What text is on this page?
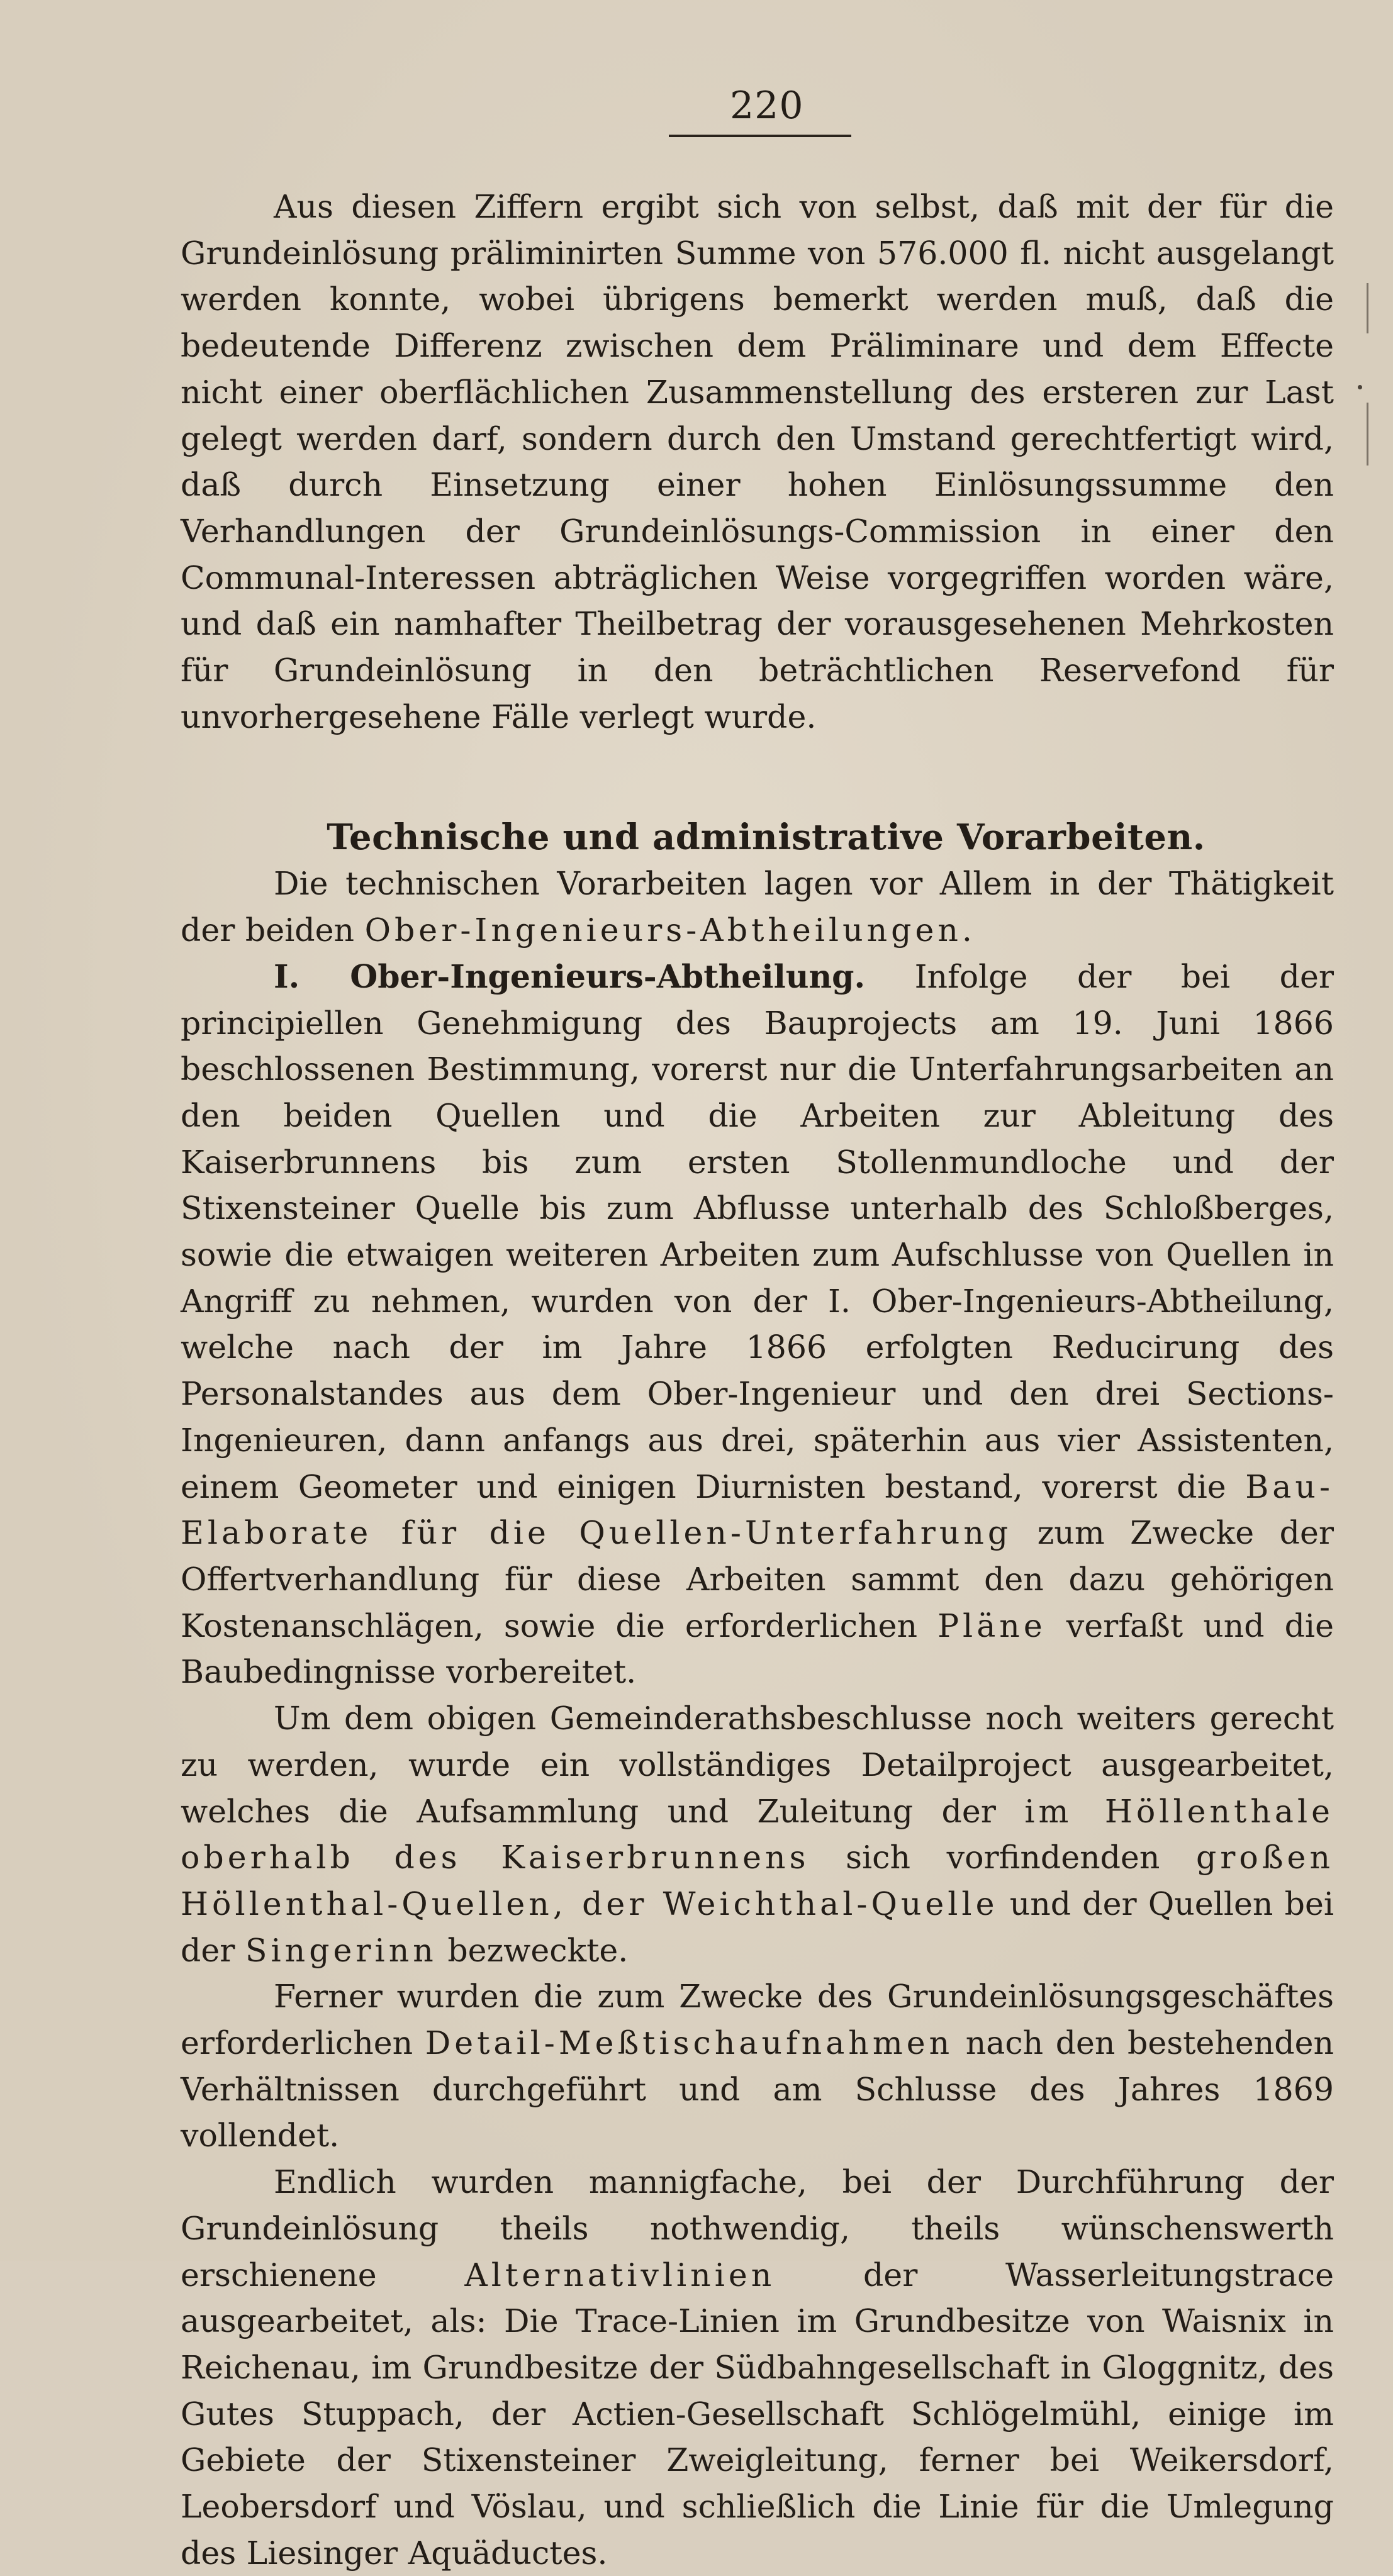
220

Aus diesen Ziffern ergibt sich von selbst, daß mit der für die Grundeinlösung präliminirten Summe von 576.000 fl. nicht ausgelangt werden konnte, wobei übrigens bemerkt werden muß, daß die bedeutende Differenz zwischen dem Präliminare und dem Effecte nicht einer oberflächlichen Zusammenstellung des ersteren zur Last gelegt werden darf, sondern durch den Umstand gerechtfertigt wird, daß durch Einsetzung einer hohen Einlösungssumme den Verhandlungen der Grundeinlösungs-Commission in einer den Communal-Interessen abträglichen Weise vorgegriffen worden wäre, und daß ein namhafter Theilbetrag der vorausgesehenen Mehrkosten für Grundeinlösung in den beträchtlichen Reservefond für unvorhergesehene Fälle verlegt wurde.

Technische und administrative Vorarbeiten.

Die technischen Vorarbeiten lagen vor Allem in der Thätigkeit der beiden Ober-Ingenieurs-Abtheilungen.

I. Ober-Ingenieurs-Abtheilung. Infolge der bei der principiellen Genehmigung des Bauprojects am 19. Juni 1866 beschlossenen Bestimmung, vorerst nur die Unterfahrungsarbeiten an den beiden Quellen und die Arbeiten zur Ableitung des Kaiserbrunnens bis zum ersten Stollenmundloche und der Stixensteiner Quelle bis zum Abflusse unterhalb des Schloßberges, sowie die etwaigen weiteren Arbeiten zum Aufschlusse von Quellen in Angriff zu nehmen, wurden von der I. Ober-Ingenieurs-Abtheilung, welche nach der im Jahre 1866 erfolgten Reducirung des Personalstandes aus dem Ober-Ingenieur und den drei Sections-Ingenieuren, dann anfangs aus drei, späterhin aus vier Assistenten, einem Geometer und einigen Diurnisten bestand, vorerst die Bau-Elaborate für die Quellen-Unterfahrung zum Zwecke der Offertverhandlung für diese Arbeiten sammt den dazu gehörigen Kostenanschlägen, sowie die erforderlichen Pläne verfaßt und die Baubedingnisse vorbereitet.

Um dem obigen Gemeinderathsbeschlusse noch weiters gerecht zu werden, wurde ein vollständiges Detailproject ausgearbeitet, welches die Aufsammlung und Zuleitung der im Höllenthale oberhalb des Kaiserbrunnens sich vorfindenden großen Höllenthal-Quellen, der Weichthal-Quelle und der Quellen bei der Singerinn bezweckte.

Ferner wurden die zum Zwecke des Grundeinlösungsgeschäftes erforderlichen Detail-Meßtischaufnahmen nach den bestehenden Verhältnissen durchgeführt und am Schlusse des Jahres 1869 vollendet.

Endlich wurden mannigfache, bei der Durchführung der Grundeinlösung theils nothwendig, theils wünschenswerth erschienene	Alternativlinien	der Wasserleitungstrace ausgearbeitet, als: Die Trace-Linien im Grundbesitze von Waisnix in Reichenau, im Grundbesitze der Südbahngesellschaft in Gloggnitz, des Gutes Stuppach, der Actien-Gesellschaft Schlögelmühl, einige im Gebiete der Stixensteiner Zweigleitung, ferner bei Weikersdorf, Leobersdorf und Vöslau, und schließlich die Linie für die Umlegung des Liesinger Aquäductes.
